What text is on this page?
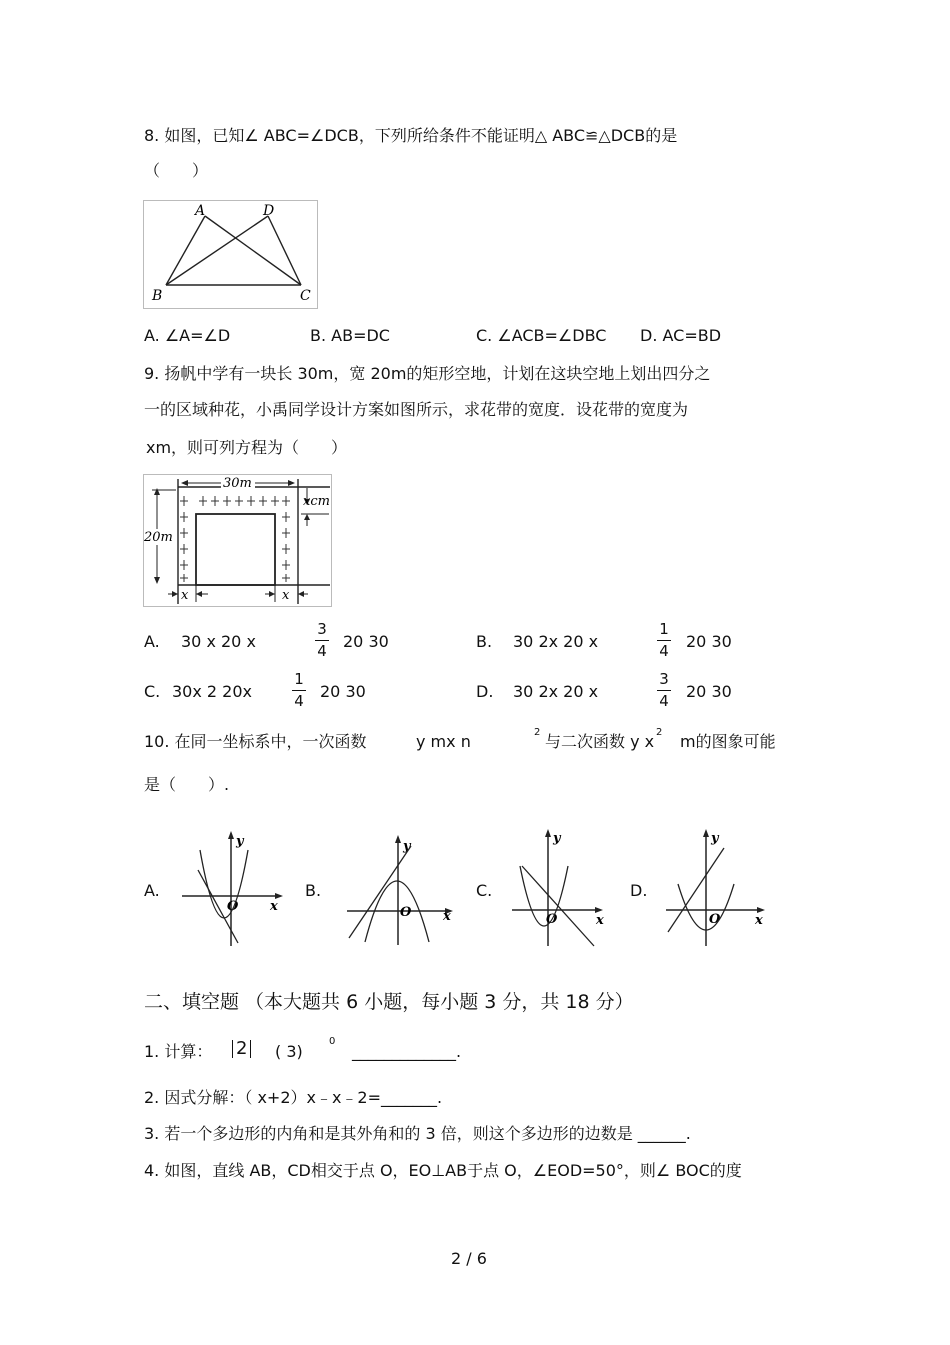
8. 如图，已知∠ ABC=∠DCB，下列所给条件不能证明△ ABC≌△DCB的是
（　　）
A	D
B	C
A. ∠A=∠D	B. AB=DC	C. ∠ACB=∠DBC D. AC=BD
9. 扬帆中学有一块长 30m，宽 20m的矩形空地，计划在这块空地上划出四分之
一的区域种花，小禹同学设计方案如图所示，求花带的宽度．设花带的宽度为
xm，则可列方程为（　　）
30m
20m
xcm
x	x
A. 30 x 20 x
3
4 20 30	B. 30 2x 20 x
1
4 20 30
C. 30x 2 20x
1
4 20 30	D. 30 2x 20 x
3
4 20 30
10. 在同一坐标系中，一次函数	y mx n	2 与二次函数 y x 2 m的图象可能
是（　　）.
A.
y
x
O
B.
y
x
O
C.
y
x
O
D.
y
x
O
二、填空题 （本大题共 6 小题，每小题 3 分，共 18 分）
1. 计算： 2 ( 3)
0
_____________.
2. 因式分解：（ x+2）x﹣x﹣2=_______.
3. 若一个多边形的内角和是其外角和的 3 倍，则这个多边形的边数是 ______.
4. 如图，直线 AB，CD相交于点 O，EO⊥AB于点 O，∠EOD=50°，则∠ BOC的度
2 / 6
